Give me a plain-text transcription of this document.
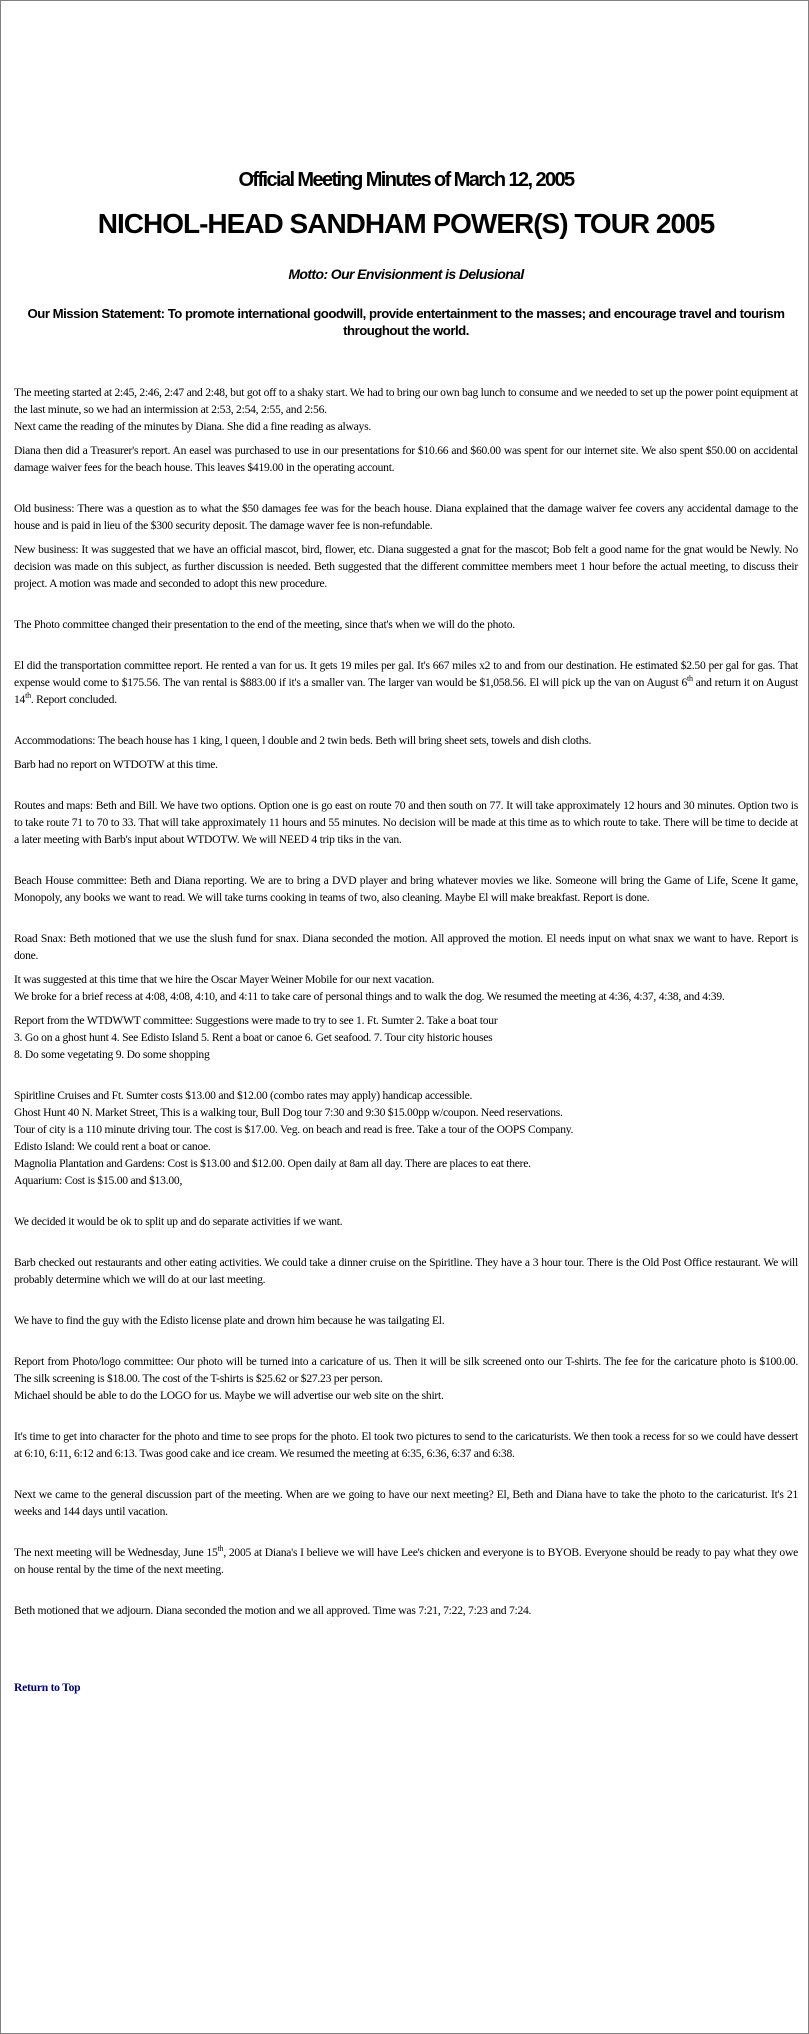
Official Meeting Minutes of March 12, 2005
NICHOL-HEAD SANDHAM POWER(S) TOUR 2005
Motto: Our Envisionment is Delusional
Our Mission Statement: To promote international goodwill, provide entertainment to the masses; and encourage travel and tourism throughout the world.

The meeting started at 2:45, 2:46, 2:47 and 2:48, but got off to a shaky start. We had to bring our own bag lunch to consume and we needed to set up the power point equipment at the last minute, so we had an intermission at 2:53, 2:54, 2:55, and 2:56.

Next came the reading of the minutes by Diana. She did a fine reading as always.

Diana then did a Treasurer's report. An easel was purchased to use in our presentations for $10.66 and $60.00 was spent for our internet site. We also spent $50.00 on accidental damage waiver fees for the beach house. This leaves $419.00 in the operating account.

Old business: There was a question as to what the $50 damages fee was for the beach house. Diana explained that the damage waiver fee covers any accidental damage to the house and is paid in lieu of the $300 security deposit. The damage waver fee is non-refundable.

New business: It was suggested that we have an official mascot, bird, flower, etc. Diana suggested a gnat for the mascot; Bob felt a good name for the gnat would be Newly. No decision was made on this subject, as further discussion is needed. Beth suggested that the different committee members meet 1 hour before the actual meeting, to discuss their project. A motion was made and seconded to adopt this new procedure.

The Photo committee changed their presentation to the end of the meeting, since that's when we will do the photo.

El did the transportation committee report. He rented a van for us. It gets 19 miles per gal. It's 667 miles x2 to and from our destination. He estimated $2.50 per gal for gas. That expense would come to $175.56. The van rental is $883.00 if it's a smaller van. The larger van would be $1,058.56. El will pick up the van on August 6th and return it on August 14th. Report concluded.

Accommodations: The beach house has 1 king, l queen, l double and 2 twin beds. Beth will bring sheet sets, towels and dish cloths.

Barb had no report on WTDOTW at this time.

Routes and maps: Beth and Bill. We have two options. Option one is go east on route 70 and then south on 77. It will take approximately 12 hours and 30 minutes. Option two is to take route 71 to 70 to 33. That will take approximately 11 hours and 55 minutes. No decision will be made at this time as to which route to take. There will be time to decide at a later meeting with Barb's input about WTDOTW. We will NEED 4 trip tiks in the van.

Beach House committee: Beth and Diana reporting. We are to bring a DVD player and bring whatever movies we like. Someone will bring the Game of Life, Scene It game, Monopoly, any books we want to read. We will take turns cooking in teams of two, also cleaning. Maybe El will make breakfast. Report is done.

Road Snax: Beth motioned that we use the slush fund for snax. Diana seconded the motion. All approved the motion. El needs input on what snax we want to have. Report is done.

It was suggested at this time that we hire the Oscar Mayer Weiner Mobile for our next vacation.

We broke for a brief recess at 4:08, 4:08, 4:10, and 4:11 to take care of personal things and to walk the dog. We resumed the meeting at 4:36, 4:37, 4:38, and 4:39.

Report from the WTDWWT committee: Suggestions were made to try to see 1. Ft. Sumter 2. Take a boat tour

3. Go on a ghost hunt 4. See Edisto Island 5. Rent a boat or canoe 6. Get seafood. 7. Tour city historic houses

8. Do some vegetating 9. Do some shopping

Spiritline Cruises and Ft. Sumter costs $13.00 and $12.00 (combo rates may apply) handicap accessible.

Ghost Hunt 40 N. Market Street, This is a walking tour, Bull Dog tour 7:30 and 9:30 $15.00pp w/coupon. Need reservations.

Tour of city is a 110 minute driving tour. The cost is $17.00. Veg. on beach and read is free. Take a tour of the OOPS Company.

Edisto Island: We could rent a boat or canoe.

Magnolia Plantation and Gardens: Cost is $13.00 and $12.00. Open daily at 8am all day. There are places to eat there.

Aquarium: Cost is $15.00 and $13.00,

We decided it would be ok to split up and do separate activities if we want.

Barb checked out restaurants and other eating activities. We could take a dinner cruise on the Spiritline. They have a 3 hour tour. There is the Old Post Office restaurant. We will probably determine which we will do at our last meeting.

We have to find the guy with the Edisto license plate and drown him because he was tailgating El.

Report from Photo/logo committee: Our photo will be turned into a caricature of us. Then it will be silk screened onto our T-shirts. The fee for the caricature photo is $100.00. The silk screening is $18.00. The cost of the T-shirts is $25.62 or $27.23 per person.

Michael should be able to do the LOGO for us. Maybe we will advertise our web site on the shirt.

It's time to get into character for the photo and time to see props for the photo. El took two pictures to send to the caricaturists. We then took a recess for so we could have dessert at 6:10, 6:11, 6:12 and 6:13. Twas good cake and ice cream. We resumed the meeting at 6:35, 6:36, 6:37 and 6:38.

Next we came to the general discussion part of the meeting. When are we going to have our next meeting? El, Beth and Diana have to take the photo to the caricaturist. It's 21 weeks and 144 days until vacation.

The next meeting will be Wednesday, June 15th, 2005 at Diana's I believe we will have Lee's chicken and everyone is to BYOB. Everyone should be ready to pay what they owe on house rental by the time of the next meeting.

Beth motioned that we adjourn. Diana seconded the motion and we all approved. Time was 7:21, 7:22, 7:23 and 7:24.

Return to Top
